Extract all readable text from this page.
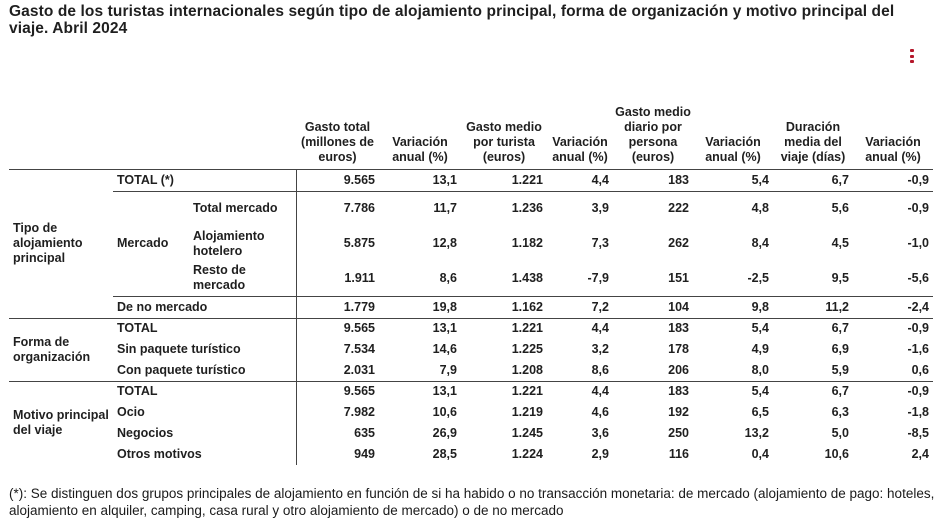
Gasto de los turistas internacionales según tipo de alojamiento principal, forma de organización y motivo principal del viaje. Abril 2024
			Gasto total (millones de euros)	Variación anual (%)	Gasto medio por turista (euros)	Variación anual (%)	Gasto medio diario por persona (euros)	Variación anual (%)	Duración media del viaje (días)	Variación anual (%)
Tipo de alojamiento principal	TOTAL (*)		9.565	13,1	1.221	4,4	183	5,4	6,7	-0,9
	Mercado	Total mercado	7.786	11,7	1.236	3,9	222	4,8	5,6	-0,9
		Alojamiento hotelero	5.875	12,8	1.182	7,3	262	8,4	4,5	-1,0
		Resto de mercado	1.911	8,6	1.438	-7,9	151	-2,5	9,5	-5,6
	De no mercado		1.779	19,8	1.162	7,2	104	9,8	11,2	-2,4
Forma de organización	TOTAL		9.565	13,1	1.221	4,4	183	5,4	6,7	-0,9
	Sin paquete turístico		7.534	14,6	1.225	3,2	178	4,9	6,9	-1,6
	Con paquete turístico		2.031	7,9	1.208	8,6	206	8,0	5,9	0,6
Motivo principal del viaje	TOTAL		9.565	13,1	1.221	4,4	183	5,4	6,7	-0,9
	Ocio		7.982	10,6	1.219	4,6	192	6,5	6,3	-1,8
	Negocios		635	26,9	1.245	3,6	250	13,2	5,0	-8,5
	Otros motivos		949	28,5	1.224	2,9	116	0,4	10,6	2,4
(*): Se distinguen dos grupos principales de alojamiento en función de si ha habido o no transacción monetaria: de mercado (alojamiento de pago: hoteles, alojamiento en alquiler, camping, casa rural y otro alojamiento de mercado) o de no mercado
